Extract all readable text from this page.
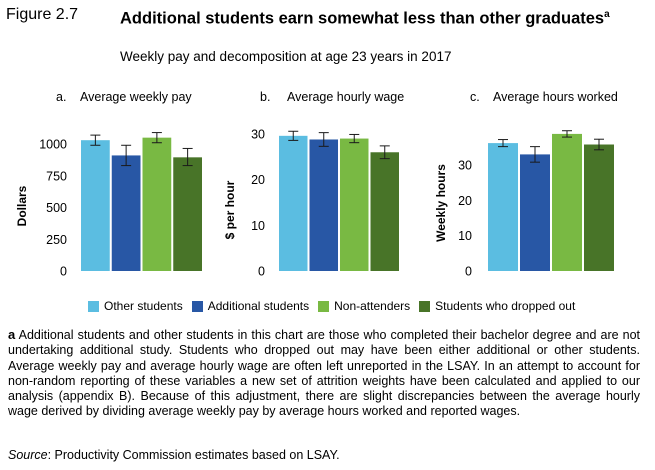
Figure 2.7	Additional students earn somewhat less than other graduates$^a$
Weekly pay and decomposition at age 23 years in 2017
a. Average weekly pay
0
250
500
750
1000
Dollars
b. Average hourly wage
0
10
20
30
$ per hour
c. Average hours worked
0
10
20
30
Weekly hours
Other students Additional students Non-attenders Students who dropped out
a Additional students and other students in this chart are those who completed their bachelor degree and are not undertaking additional study. Students who dropped out may have been either additional or other students. Average weekly pay and average hourly wage are often left unreported in the LSAY. In an attempt to account for non-random reporting of these variables a new set of attrition weights have been calculated and applied to our analysis (appendix B). Because of this adjustment, there are slight discrepancies between the average hourly wage derived by dividing average weekly pay by average hours worked and reported wages.
Source: Productivity Commission estimates based on LSAY.
